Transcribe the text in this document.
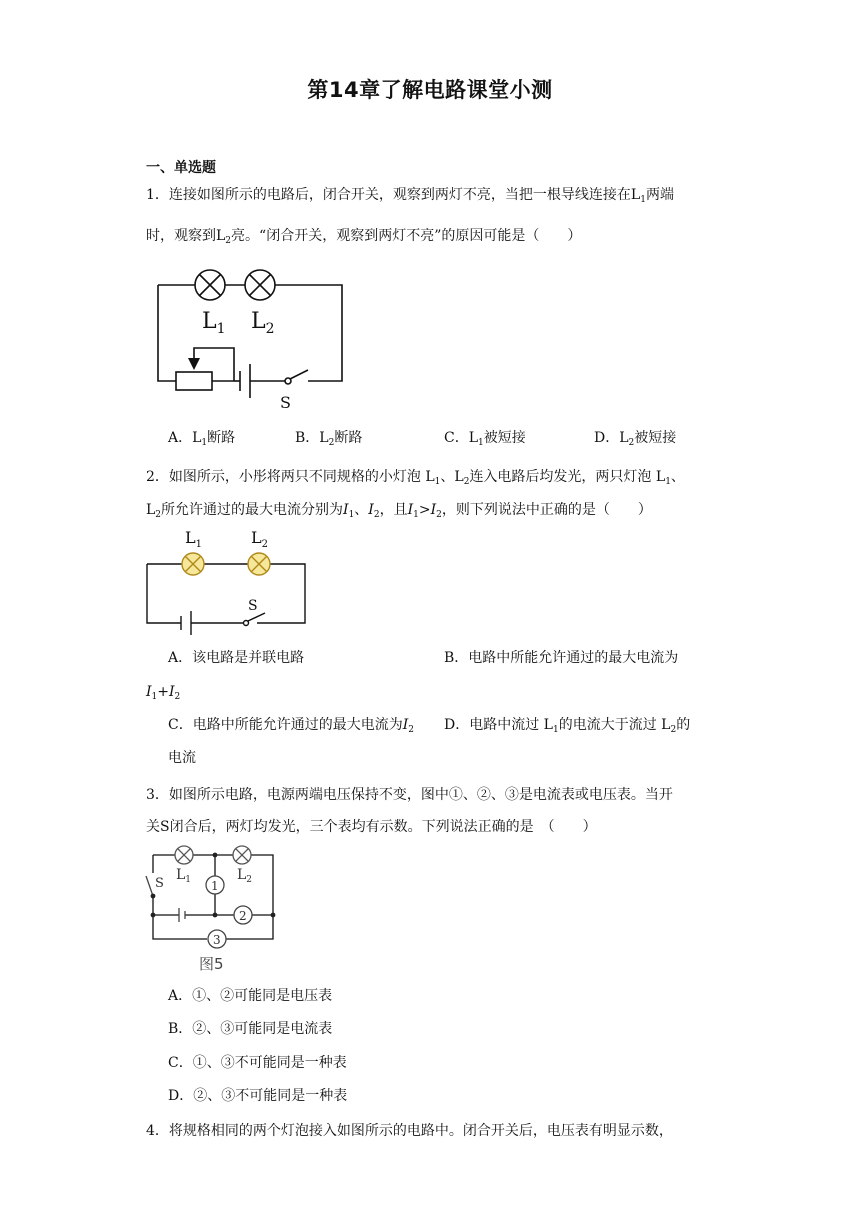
第14章了解电路课堂小测
一、单选题
1．连接如图所示的电路后，闭合开关，观察到两灯不亮，当把一根导线连接在$L_1$两端
时，观察到$L_2$亮。“闭合开关，观察到两灯不亮”的原因可能是（　　）
$L_1$ $L_2$
S
A．$L_1$断路	B．$L_2$断路	C．$L_1$被短接	D．$L_2$被短接
2．如图所示，小彤将两只不同规格的小灯泡 $L_1$、$L_2$连入电路后均发光，两只灯泡 $L_1$、
$L_2$所允许通过的最大电流分别为$I_1$、$I_2$，且$I_1>I_2$，则下列说法中正确的是（　　）
$L_1$	$L_2$
S
A．该电路是并联电路	B．电路中所能允许通过的最大电流为
$I_1+I_2$
C．电路中所能允许通过的最大电流为$I_2$ D．电路中流过 $L_1$的电流大于流过 $L_2$的
电流
3．如图所示电路，电源两端电压保持不变，图中①、②、③是电流表或电压表。当开
关S闭合后，两灯均发光，三个表均有示数。下列说法正确的是　（　　）
1
2
3
$L_1$	$L_2$
S
图5
A．①、②可能同是电压表
B．②、③可能同是电流表
C．①、③不可能同是一种表
D．②、③不可能同是一种表
4．将规格相同的两个灯泡接入如图所示的电路中。闭合开关后，电压表有明显示数，
